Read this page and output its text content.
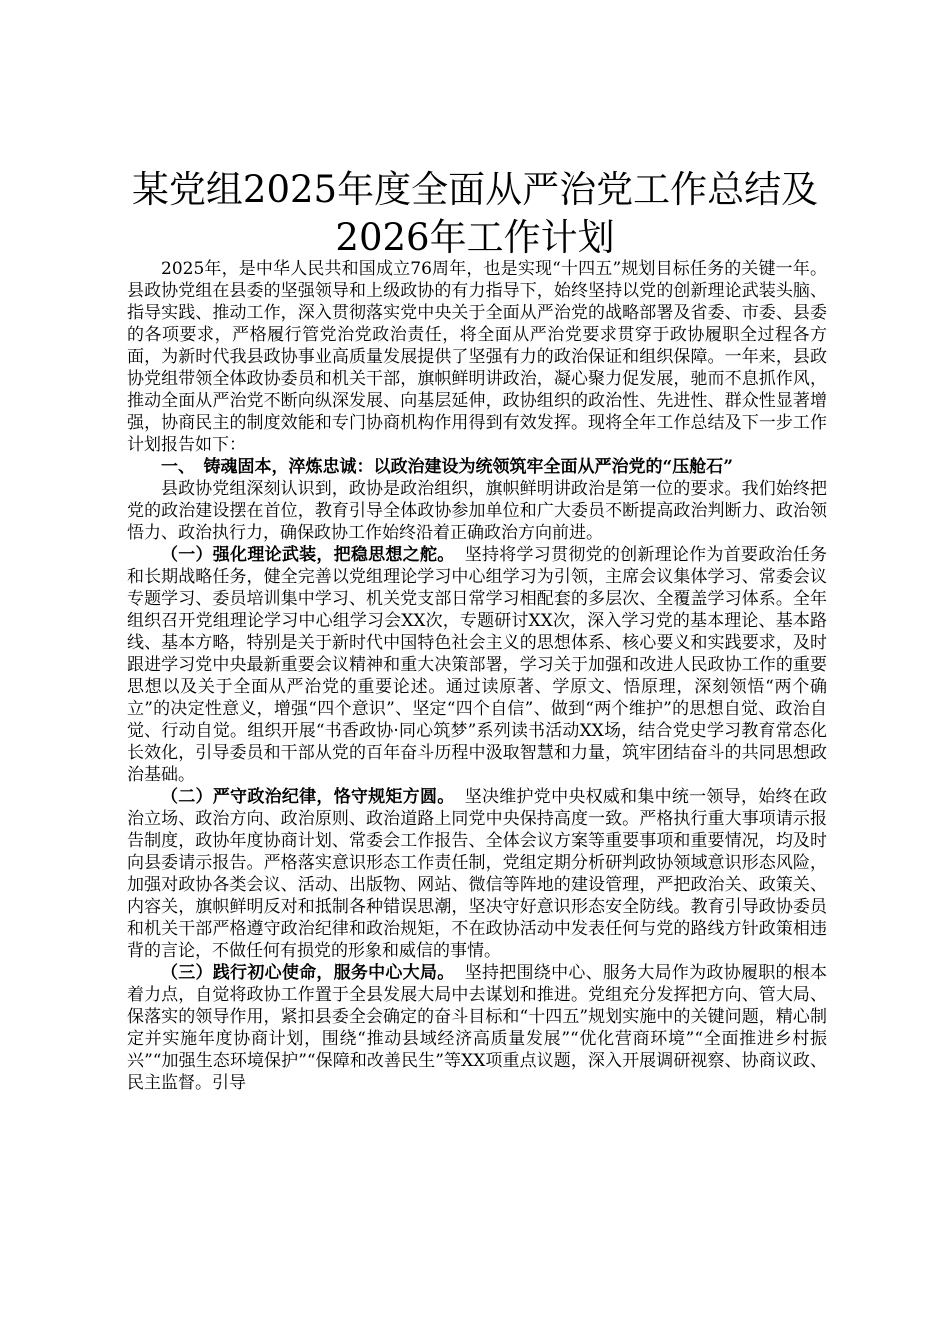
某党组2025年度全面从严治党工作总结及
2026年工作计划

2025年，是中华人民共和国成立76周年，也是实现“十四五”规划目标任务的关键一年。县政协党组在县委的坚强领导和上级政协的有力指导下，始终坚持以党的创新理论武装头脑、指导实践、推动工作，深入贯彻落实党中央关于全面从严治党的战略部署及省委、市委、县委的各项要求，严格履行管党治党政治责任，将全面从严治党要求贯穿于政协履职全过程各方面，为新时代我县政协事业高质量发展提供了坚强有力的政治保证和组织保障。一年来，县政协党组带领全体政协委员和机关干部，旗帜鲜明讲政治，凝心聚力促发展，驰而不息抓作风，推动全面从严治党不断向纵深发展、向基层延伸，政协组织的政治性、先进性、群众性显著增强，协商民主的制度效能和专门协商机构作用得到有效发挥。现将全年工作总结及下一步工作计划报告如下：

一、　铸魂固本，淬炼忠诚：以政治建设为统领筑牢全面从严治党的“压舱石”

县政协党组深刻认识到，政协是政治组织，旗帜鲜明讲政治是第一位的要求。我们始终把党的政治建设摆在首位，教育引导全体政协参加单位和广大委员不断提高政治判断力、政治领悟力、政治执行力，确保政协工作始终沿着正确政治方向前进。

（一）强化理论武装，把稳思想之舵。 坚持将学习贯彻党的创新理论作为首要政治任务和长期战略任务，健全完善以党组理论学习中心组学习为引领，主席会议集体学习、常委会议专题学习、委员培训集中学习、机关党支部日常学习相配套的多层次、全覆盖学习体系。全年组织召开党组理论学习中心组学习会XX次，专题研讨XX次，深入学习党的基本理论、基本路线、基本方略，特别是关于新时代中国特色社会主义的思想体系、核心要义和实践要求，及时跟进学习党中央最新重要会议精神和重大决策部署，学习关于加强和改进人民政协工作的重要思想以及关于全面从严治党的重要论述。通过读原著、学原文、悟原理，深刻领悟“两个确立”的决定性意义，增强“四个意识”、坚定“四个自信”、做到“两个维护”的思想自觉、政治自觉、行动自觉。组织开展“书香政协·同心筑梦”系列读书活动XX场，结合党史学习教育常态化长效化，引导委员和干部从党的百年奋斗历程中汲取智慧和力量，筑牢团结奋斗的共同思想政治基础。

（二）严守政治纪律，恪守规矩方圆。 坚决维护党中央权威和集中统一领导，始终在政治立场、政治方向、政治原则、政治道路上同党中央保持高度一致。严格执行重大事项请示报告制度，政协年度协商计划、常委会工作报告、全体会议方案等重要事项和重要情况，均及时向县委请示报告。严格落实意识形态工作责任制，党组定期分析研判政协领域意识形态风险，加强对政协各类会议、活动、出版物、网站、微信等阵地的建设管理，严把政治关、政策关、内容关，旗帜鲜明反对和抵制各种错误思潮，坚决守好意识形态安全防线。教育引导政协委员和机关干部严格遵守政治纪律和政治规矩，不在政协活动中发表任何与党的路线方针政策相违背的言论，不做任何有损党的形象和威信的事情。

（三）践行初心使命，服务中心大局。 坚持把围绕中心、服务大局作为政协履职的根本着力点，自觉将政协工作置于全县发展大局中去谋划和推进。党组充分发挥把方向、管大局、保落实的领导作用，紧扣县委全会确定的奋斗目标和“十四五”规划实施中的关键问题，精心制定并实施年度协商计划，围绕“推动县域经济高质量发展”“优化营商环境”“全面推进乡村振兴”“加强生态环境保护”“保障和改善民生”等XX项重点议题，深入开展调研视察、协商议政、民主监督。引导
